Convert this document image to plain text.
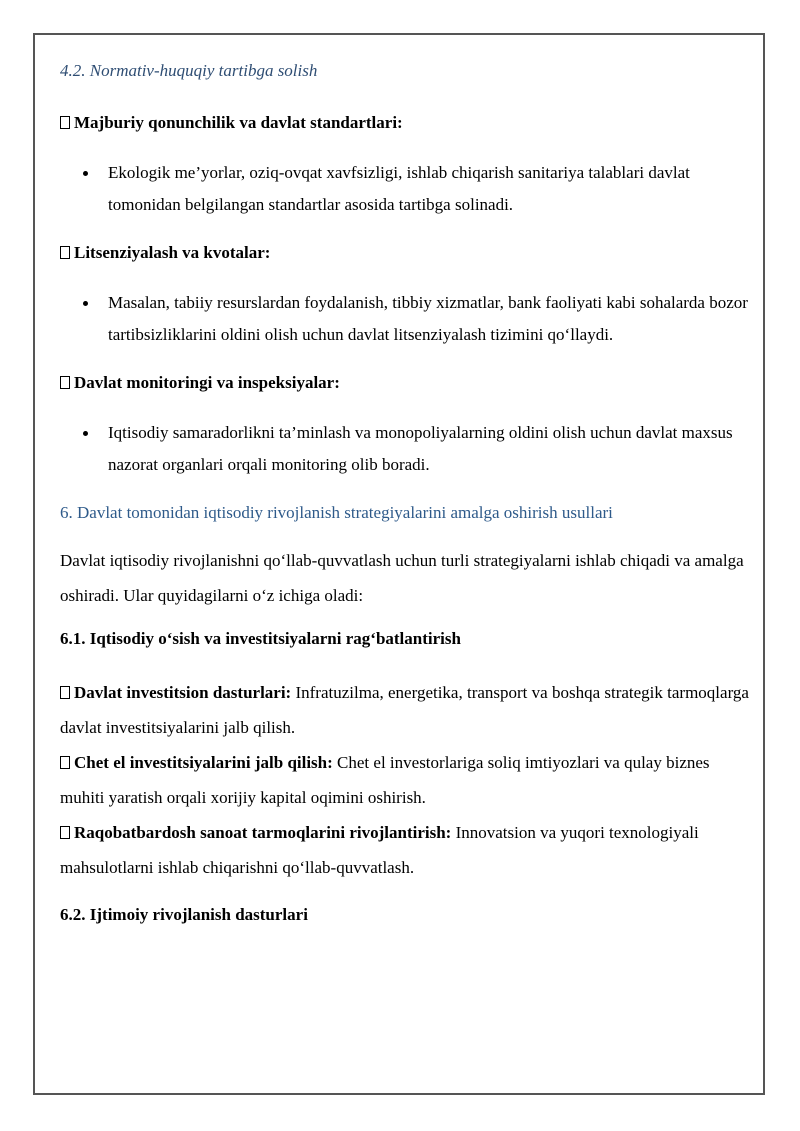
4.2. Normativ-huquqiy tartibga solish

Majburiy qonunchilik va davlat standartlari:

Ekologik me’yorlar, oziq-ovqat xavfsizligi, ishlab chiqarish sanitariya talablari davlat tomonidan belgilangan standartlar asosida tartibga solinadi.

Litsenziyalash va kvotalar:

Masalan, tabiiy resurslardan foydalanish, tibbiy xizmatlar, bank faoliyati kabi sohalarda bozor tartibsizliklarini oldini olish uchun davlat litsenziyalash tizimini qo‘llaydi.

Davlat monitoringi va inspeksiyalar:

Iqtisodiy samaradorlikni ta’minlash va monopoliyalarning oldini olish uchun davlat maxsus nazorat organlari orqali monitoring olib boradi.

6. Davlat tomonidan iqtisodiy rivojlanish strategiyalarini amalga oshirish usullari

Davlat iqtisodiy rivojlanishni qo‘llab-quvvatlash uchun turli strategiyalarni ishlab chiqadi va amalga oshiradi. Ular quyidagilarni o‘z ichiga oladi:

6.1. Iqtisodiy o‘sish va investitsiyalarni rag‘batlantirish

Davlat investitsion dasturlari: Infratuzilma, energetika, transport va boshqa strategik tarmoqlarga davlat investitsiyalarini jalb qilish.

Chet el investitsiyalarini jalb qilish: Chet el investorlariga soliq imtiyozlari va qulay biznes muhiti yaratish orqali xorijiy kapital oqimini oshirish.

Raqobatbardosh sanoat tarmoqlarini rivojlantirish: Innovatsion va yuqori texnologiyali mahsulotlarni ishlab chiqarishni qo‘llab-quvvatlash.

6.2. Ijtimoiy rivojlanish dasturlari
